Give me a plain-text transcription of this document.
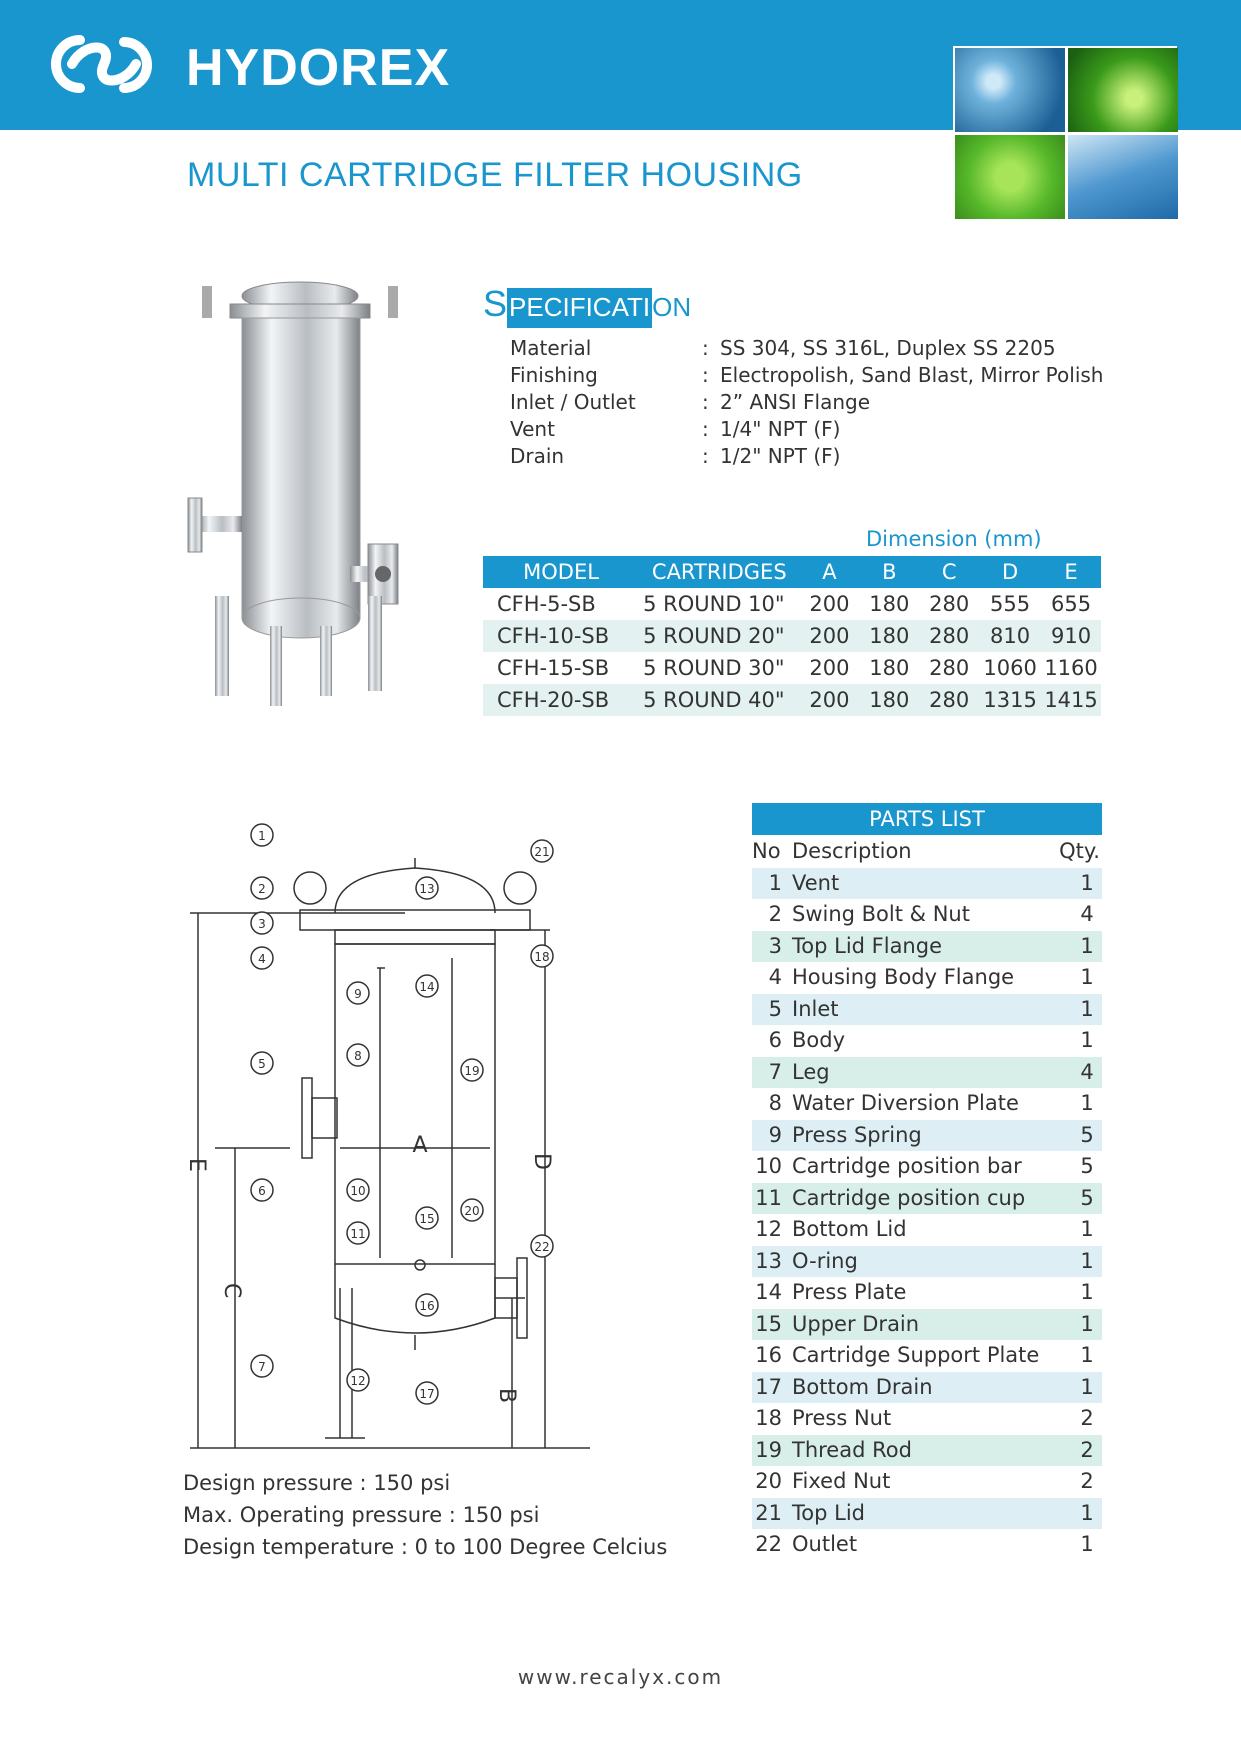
HYDOREX
MULTI CARTRIDGE FILTER HOUSING
SPECIFICATION
Material	: SS 304, SS 316L, Duplex SS 2205
Finishing	: Electropolish, Sand Blast, Mirror Polish
Inlet / Outlet	: 2” ANSI Flange
Vent	: 1/4" NPT (F)
Drain	: 1/2" NPT (F)
Dimension (mm)
MODEL	CARTRIDGES	A	B	C	D	E
CFH-5-SB	5 ROUND 10"	200	180	280	555	655
CFH-10-SB	5 ROUND 20"	200	180	280	810	910
CFH-15-SB	5 ROUND 30"	200	180	280	1060	1160
CFH-20-SB	5 ROUND 40"	200	180	280	1315	1415
A
B
C
D
E
1
2
3
4
5
6
7
8
9
10
11
12
13
14
15
16
17
18
19
20
21
22
PARTS LIST
No Description	Qty.
1 Vent	1
2 Swing Bolt & Nut	4
3 Top Lid Flange	1
4 Housing Body Flange	1
5 Inlet	1
6 Body	1
7 Leg	4
8 Water Diversion Plate	1
9 Press Spring	5
10 Cartridge position bar	5
11 Cartridge position cup	5
12 Bottom Lid	1
13 O-ring	1
14 Press Plate	1
15 Upper Drain	1
16 Cartridge Support Plate	1
17 Bottom Drain	1
18 Press Nut	2
19 Thread Rod	2
20 Fixed Nut	2
21 Top Lid	1
22 Outlet	1
Design pressure : 150 psi
Max. Operating pressure : 150 psi
Design temperature : 0 to 100 Degree Celcius
www.recalyx.com
